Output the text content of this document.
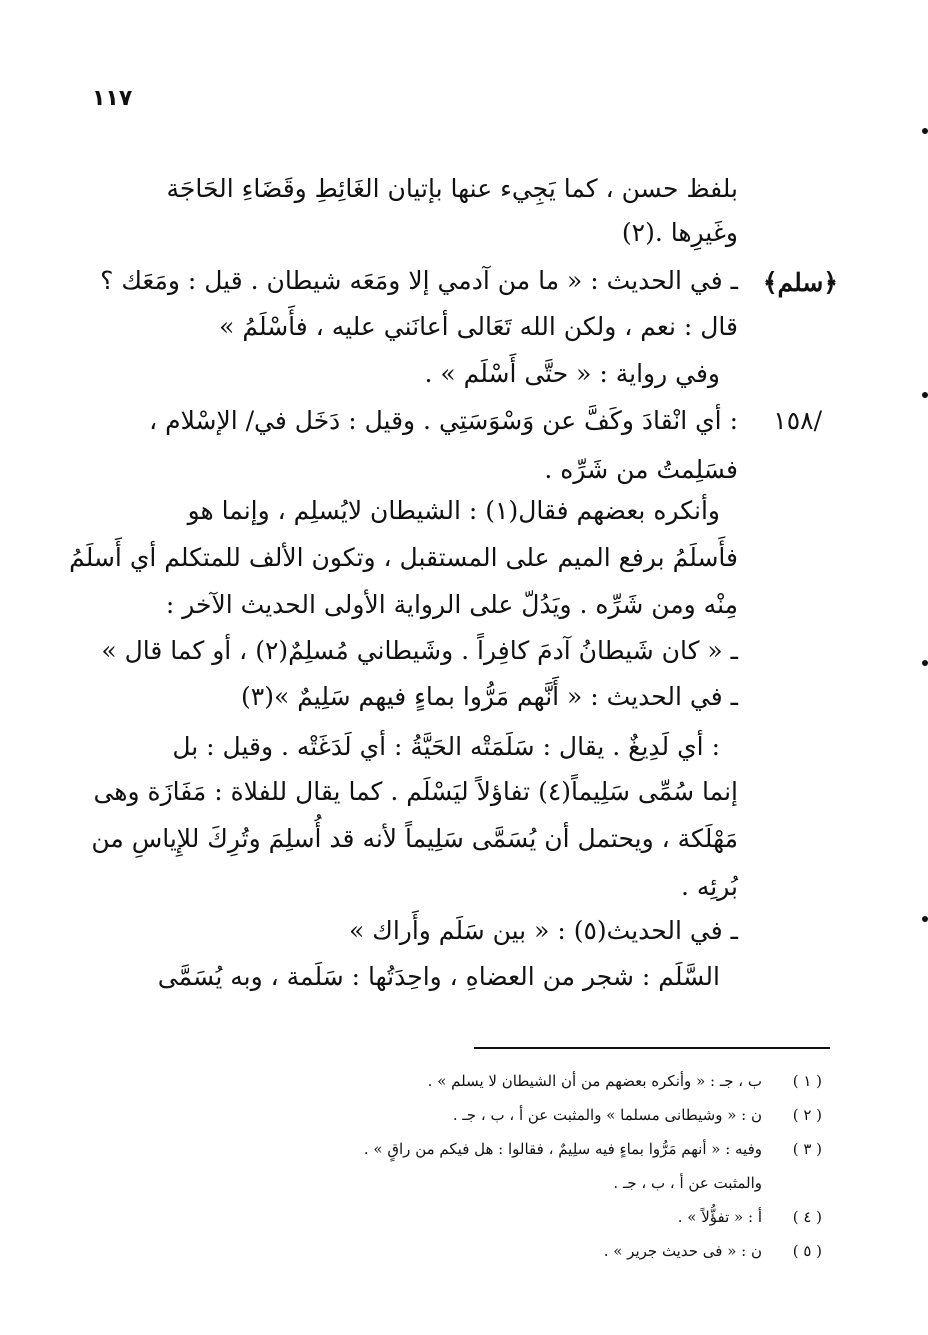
١١٧
﴿سلم﴾
/١٥٨
بلفظ حسن ، كما يَجِيء عنها بإتيان الغَائِطِ وقَضَاءِ الحَاجَة
وغَيرِها .(٢)
ـ في الحديث : « ما من آدمي إلا ومَعَه شيطان . قيل : ومَعَك ؟
قال : نعم ، ولكن الله تَعَالى أعانَني عليه ، فأَسْلَمُ »
وفي رواية : « حتَّى أَسْلَم » .
: أي انْقادَ وكَفَّ عن وَسْوَسَتِي . وقيل : دَخَل في/ الإسْلام ،
فسَلِمتُ من شَرِّه .
وأنكره بعضهم فقال(١) : الشيطان لايُسلِم ، وإنما هو
فأَسلَمُ برفع الميم على المستقبل ، وتكون الألف للمتكلم أي أَسلَمُ
مِنْه ومن شَرِّه . ويَدُلّ على الرواية الأولى الحديث الآخر :
ـ « كان شَيطانُ آدمَ كافِراً . وشَيطاني مُسلِمٌ(٢) ، أو كما قال »
ـ في الحديث : « أَنَّهم مَرُّوا بماءٍ فيهم سَلِيمٌ »(٣)
: أي لَدِيغٌ . يقال : سَلَمَتْه الحَيَّةُ : أي لَدَغَتْه . وقيل : بل
إنما سُمِّى سَلِيماً(٤) تفاؤلاً ليَسْلَم . كما يقال للفلاة : مَفَازَة وهى
مَهْلَكة ، ويحتمل أن يُسَمَّى سَلِيماً لأنه قد أُسلِمَ وتُرِكَ للإِياسِ من
بُرئِه .
ـ في الحديث(٥) : « بين سَلَم وأَراك »
السَّلَم : شجر من العضاهِ ، واحِدَتُها : سَلَمة ، وبه يُسَمَّى
( ١ )ب ، جـ : « وأنكره بعضهم من أن الشيطان لا يسلم » .
( ٢ )ن : « وشيطانى مسلما » والمثبت عن أ ، ب ، جـ .
( ٣ )وفيه : « أنهم مَرُّوا بماءٍ فيه سلِيمٌ ، فقالوا : هل فيكم من راقٍ » .
والمثبت عن أ ، ب ، جـ .
( ٤ )أ : « تفؤُّلاً » .
( ٥ )ن : « فى حديث جرير » .
